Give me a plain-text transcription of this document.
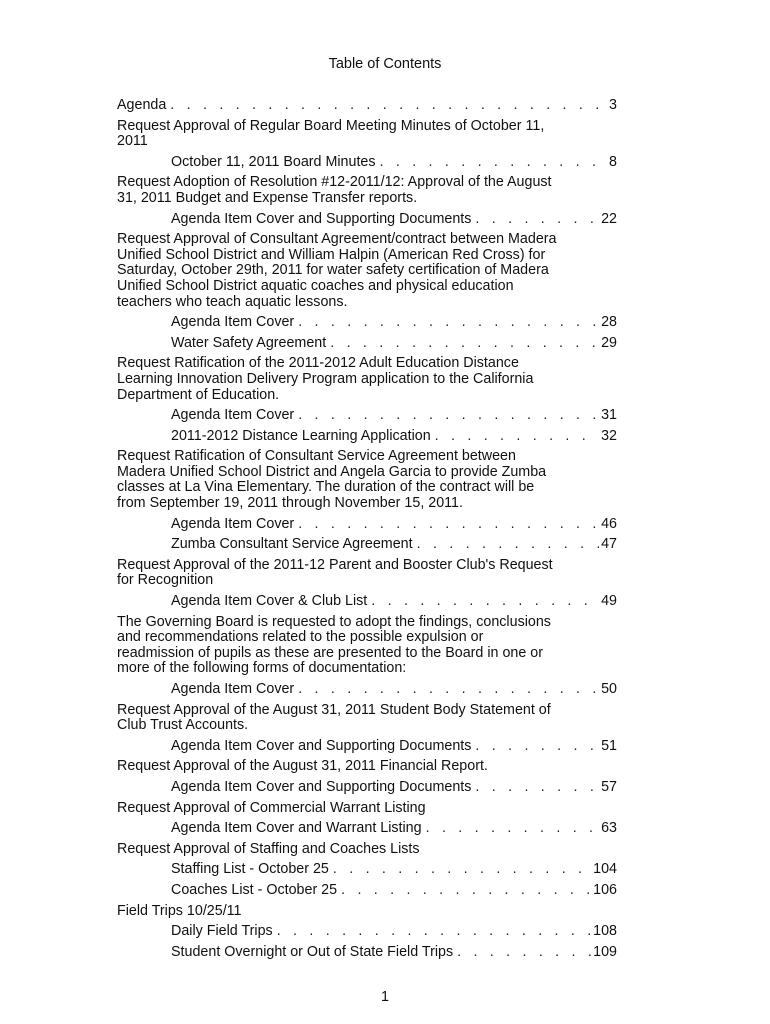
Table of Contents
Agenda . . .	3
Request Approval of Regular Board Meeting Minutes of October 11, 2011
October 11, 2011 Board Minutes . . .	8
Request Adoption of Resolution #12-2011/12: Approval of the August 31, 2011 Budget and Expense Transfer reports.
Agenda Item Cover and Supporting Documents . . .	22
Request Approval of Consultant Agreement/contract between Madera Unified School District and William Halpin (American Red Cross) for Saturday, October 29th, 2011 for water safety certification of Madera Unified School District aquatic coaches and physical education teachers who teach aquatic lessons.
Agenda Item Cover . . .	28
Water Safety Agreement . . .	29
Request Ratification of the 2011-2012 Adult Education Distance Learning Innovation Delivery Program application to the California Department of Education.
Agenda Item Cover . . .	31
2011-2012 Distance Learning Application . . .	32
Request Ratification of Consultant Service Agreement between Madera Unified School District and Angela Garcia to provide Zumba classes at La Vina Elementary. The duration of the contract will be from September 19, 2011 through November 15, 2011.
Agenda Item Cover . . .	46
Zumba Consultant Service Agreement . . .	47
Request Approval of the 2011-12 Parent and Booster Club's Request for Recognition
Agenda Item Cover & Club List . . .	49
The Governing Board is requested to adopt the findings, conclusions and recommendations related to the possible expulsion or readmission of pupils as these are presented to the Board in one or more of the following forms of documentation:
Agenda Item Cover . . .	50
Request Approval of the August 31, 2011 Student Body Statement of Club Trust Accounts.
Agenda Item Cover and Supporting Documents . . .	51
Request Approval of the August 31, 2011 Financial Report.
Agenda Item Cover and Supporting Documents . . .	57
Request Approval of Commercial Warrant Listing
Agenda Item Cover and Warrant Listing . . .	63
Request Approval of Staffing and Coaches Lists
Staffing List - October 25 . . .	104
Coaches List - October 25 . . .	106
Field Trips 10/25/11
Daily Field Trips . . .	108
Student Overnight or Out of State Field Trips . . .	109
1
